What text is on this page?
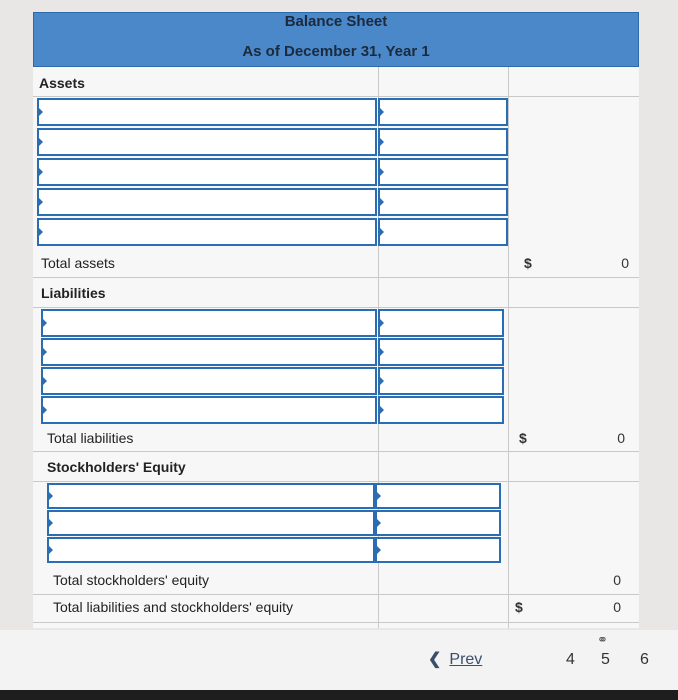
Balance Sheet
As of December 31, Year 1
Assets
Total assets	$	0
Liabilities
Total liabilities	$	0
Stockholders' Equity
Total stockholders' equity	0
Total liabilities and stockholders' equity	$	0
❮ Prev
⚭
4 5 6
